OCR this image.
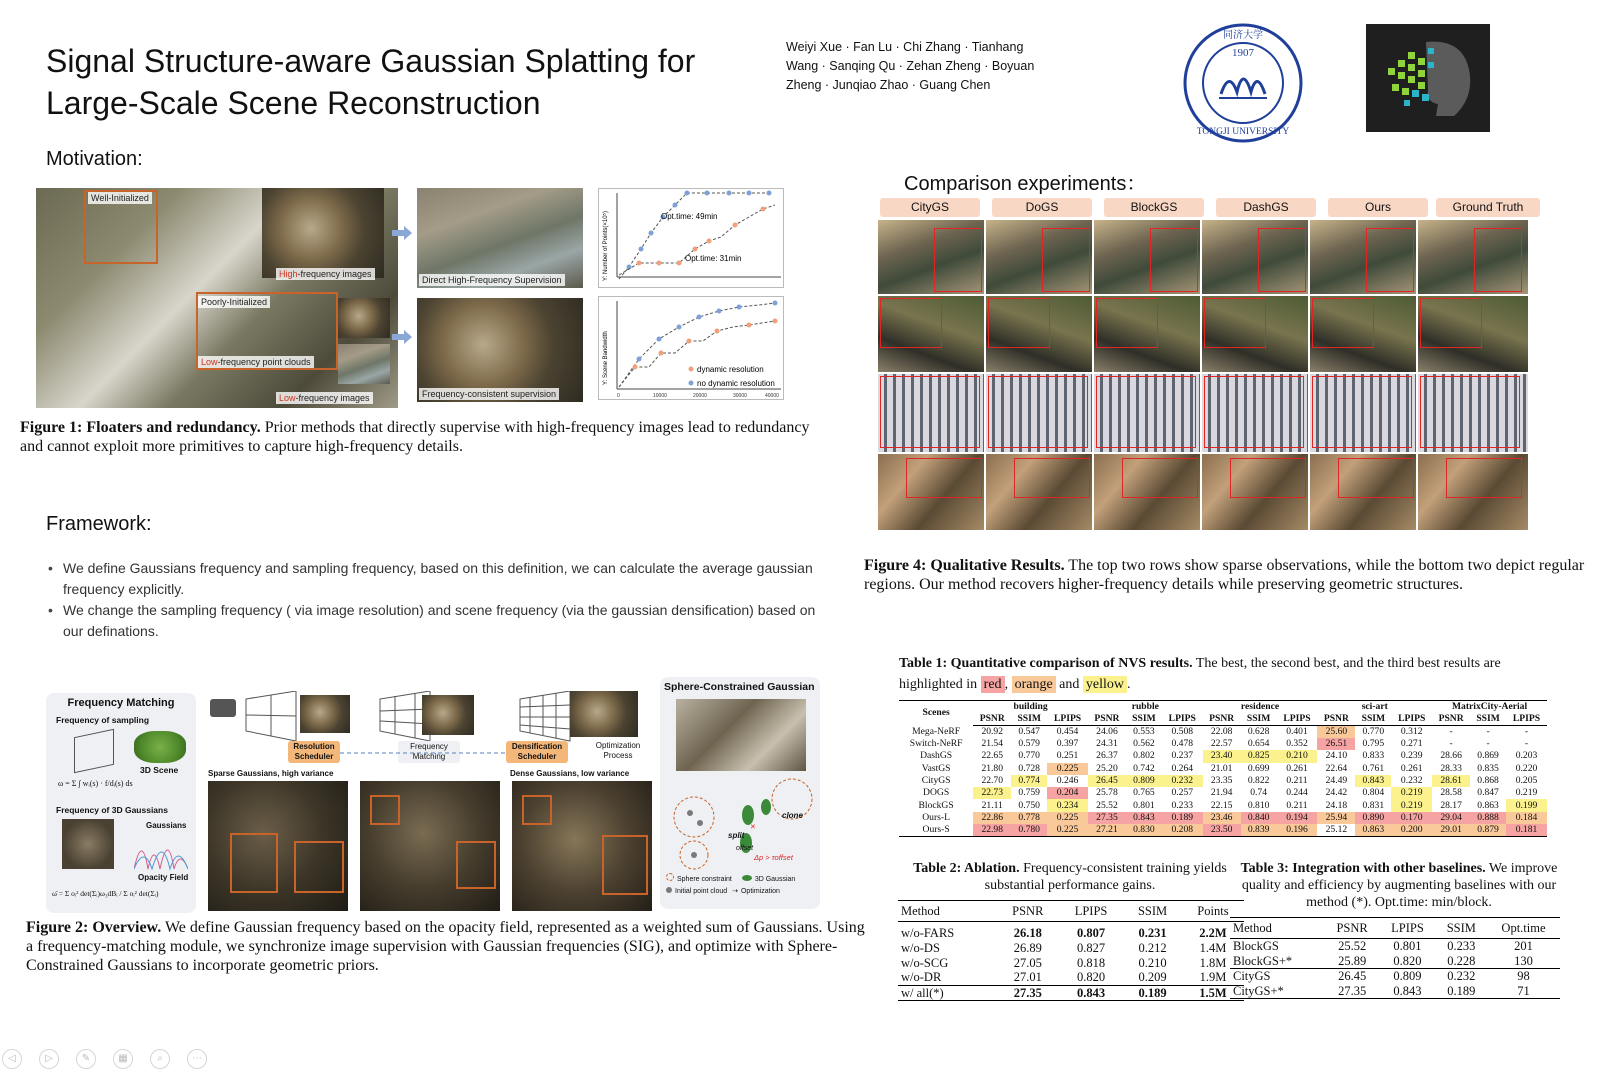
Signal Structure-aware Gaussian Splatting for
Large-Scale Scene Reconstruction
Weiyi Xue · Fan Lu · Chi Zhang · Tianhang
Wang · Sanqing Qu · Zehan Zheng · Boyuan
Zheng · Junqiao Zhao · Guang Chen
1907
TONGJI UNIVERSITY
同济大学
Motivation:
Framework:
Comparison experiments：
Well-Initialized
Poorly-Initialized
Low-frequency point clouds
High-frequency images
Low-frequency images
Direct High-Frequency Supervision
Frequency-consistent supervision
Opt.time: 49min
Opt.time: 31min
Y: Number of Points(×10⁵)
dynamic resolution
no dynamic resolution
Y: Scene Bandwidth
0	10000	20000	30000	40000
Figure 1: Floaters and redundancy. Prior methods that directly supervise with high-frequency images lead to redundancy and cannot exploit more primitives to capture high-frequency details.
• We define Gaussians frequency and sampling frequency, based on this definition, we can calculate the average gaussian frequency explicitly.
• We change the sampling frequency ( via image resolution) and scene frequency (via the gaussian densification) based on our definations.
Frequency Matching
Frequency of sampling
3D Scene
ω = Σ ∫ wᵢ(s) · f/dᵢ(s) ds
Frequency of 3D Gaussians
Gaussians
Opacity Field
ω̄ = Σ oᵢ² det(Σᵢ)ω₃dBᵢ / Σ oᵢ² det(Σᵢ)
Resolution Scheduler
Frequency Matching
Densification Scheduler
Optimization Process
Sparse Gaussians, high variance	Dense Gaussians, low variance
Sphere-Constrained Gaussian
✕
split
clone
offset
Δp > τoffset
Sphere constraint	3D Gaussian
Initial point cloud ⇢ Optimization
Figure 2: Overview. We define Gaussian frequency based on the opacity field, represented as a weighted sum of Gaussians. Using a frequency-matching module, we synchronize image supervision with Gaussian frequencies (SIG), and optimize with Sphere-Constrained Gaussians to incorporate geometric priors.
CityGS	DoGS	BlockGS	DashGS	Ours	Ground Truth
Figure 4: Qualitative Results. The top two rows show sparse observations, while the bottom two depict regular regions. Our method recovers higher-frequency details while preserving geometric structures.
Table 1: Quantitative comparison of NVS results. The best, the second best, and the third best results are highlighted in red , orange and yellow .
Scenes	building			rubble			residence			sci-art			MatrixCity-Aerial		
	PSNR	SSIM	LPIPS	PSNR	SSIM	LPIPS	PSNR	SSIM	LPIPS	PSNR	SSIM	LPIPS	PSNR	SSIM	LPIPS
Mega-NeRF	20.92	0.547	0.454	24.06	0.553	0.508	22.08	0.628	0.401	25.60	0.770	0.312	-	-	-
Switch-NeRF	21.54	0.579	0.397	24.31	0.562	0.478	22.57	0.654	0.352	26.51	0.795	0.271	-	-	-
DashGS	22.65	0.770	0.251	26.37	0.802	0.237	23.40	0.825	0.210	24.10	0.833	0.239	28.66	0.869	0.203
VastGS	21.80	0.728	0.225	25.20	0.742	0.264	21.01	0.699	0.261	22.64	0.761	0.261	28.33	0.835	0.220
CityGS	22.70	0.774	0.246	26.45	0.809	0.232	23.35	0.822	0.211	24.49	0.843	0.232	28.61	0.868	0.205
DOGS	22.73	0.759	0.204	25.78	0.765	0.257	21.94	0.74	0.244	24.42	0.804	0.219	28.58	0.847	0.219
BlockGS	21.11	0.750	0.234	25.52	0.801	0.233	22.15	0.810	0.211	24.18	0.831	0.219	28.17	0.863	0.199
Ours-L	22.86	0.778	0.225	27.35	0.843	0.189	23.46	0.840	0.194	25.94	0.890	0.170	29.04	0.888	0.184
Ours-S	22.98	0.780	0.225	27.21	0.830	0.208	23.50	0.839	0.196	25.12	0.863	0.200	29.01	0.879	0.181
Table 2: Ablation. Frequency-consistent training yields substantial performance gains.
Method	PSNR	LPIPS	SSIM	Points
w/o-FARS	26.18	0.807	0.231	2.2M
w/o-DS	26.89	0.827	0.212	1.4M
w/o-SCG	27.05	0.818	0.210	1.8M
w/o-DR	27.01	0.820	0.209	1.9M
w/ all(*)	27.35	0.843	0.189	1.5M
Table 3: Integration with other baselines. We improve quality and efficiency by augmenting baselines with our method (*). Opt.time: min/block.
Method	PSNR	LPIPS	SSIM	Opt.time
BlockGS	25.52	0.801	0.233	201
BlockGS+*	25.89	0.820	0.228	130
CityGS	26.45	0.809	0.232	98
CityGS+*	27.35	0.843	0.189	71
◁	▷	✎	▦	⌕	⋯
